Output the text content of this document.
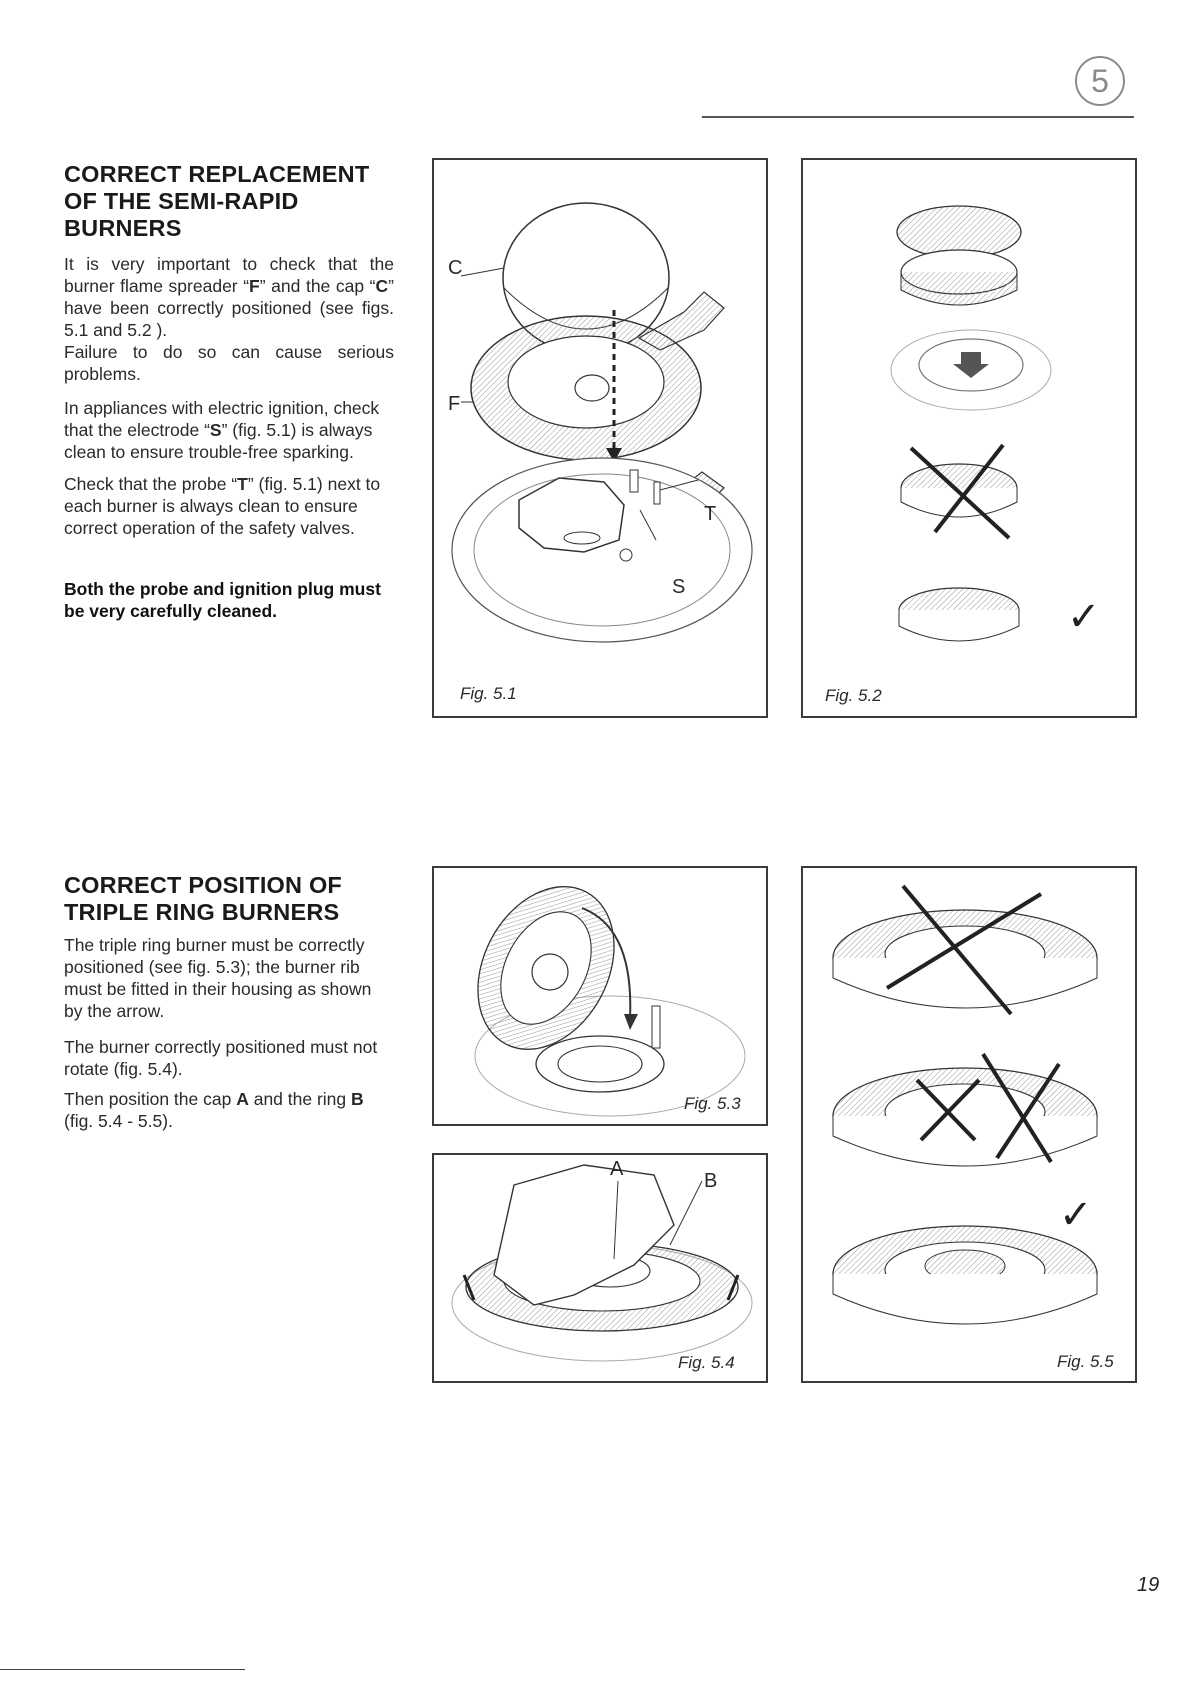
5
CORRECT REPLACEMENT
OF THE SEMI-RAPID
BURNERS

It is very important to check that the burner flame spreader “F” and the cap “C” have been correctly positioned (see figs. 5.1 and 5.2 ).
Failure to do so can cause serious problems.

In appliances with electric ignition, check that the electrode “S” (fig. 5.1) is always clean to ensure trouble-free sparking.

Check that the probe “T” (fig. 5.1) next to each burner is always clean to ensure correct operation of the safety valves.

Both the probe and ignition plug must be very carefully cleaned.

C
F
T
S
Fig. 5.1
✓
Fig. 5.2
CORRECT POSITION OF
TRIPLE RING BURNERS

The triple ring burner must be correctly positioned (see fig. 5.3); the burner rib must be fitted in their housing as shown by the arrow.

The burner correctly positioned must not rotate (fig. 5.4).

Then position the cap A and the ring B (fig. 5.4 - 5.5).

Fig. 5.3
A
B
Fig. 5.4
✓
Fig. 5.5
19
